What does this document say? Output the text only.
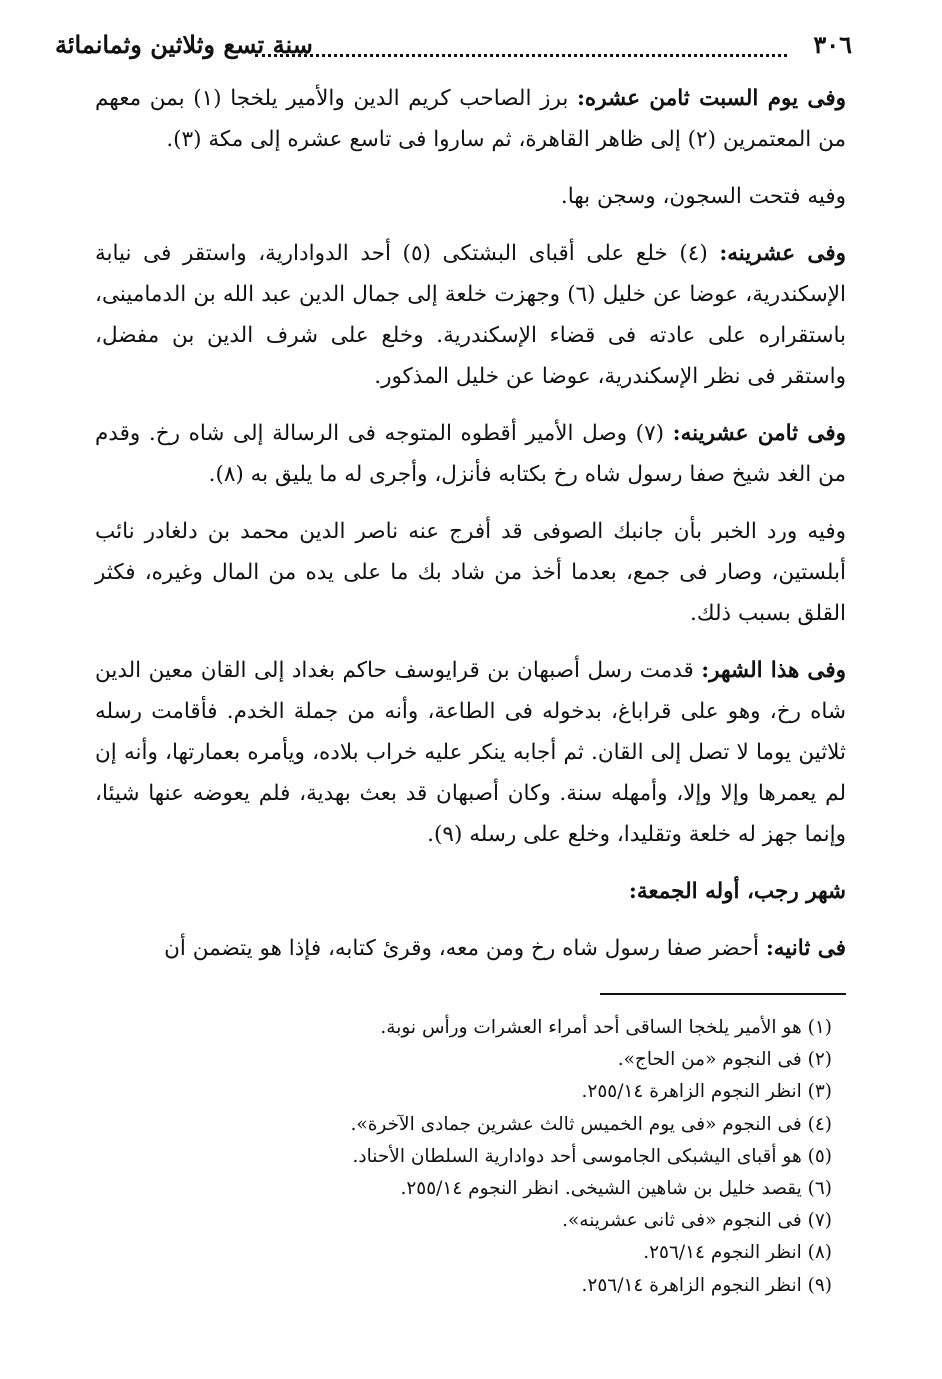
٣٠٦
سنة تسع وثلاثين وثمانمائة

وفى يوم السبت ثامن عشره: برز الصاحب كريم الدين والأمير يلخجا (١) بمن معهم من المعتمرين (٢) إلى ظاهر القاهرة، ثم ساروا فى تاسع عشره إلى مكة (٣).

وفيه فتحت السجون، وسجن بها.

وفى عشرينه: (٤) خلع على أقباى البشتكى (٥) أحد الدوادارية، واستقر فى نيابة الإسكندرية، عوضا عن خليل (٦) وجهزت خلعة إلى جمال الدين عبد الله بن الدمامينى، باستقراره على عادته فى قضاء الإسكندرية. وخلع على شرف الدين بن مفضل، واستقر فى نظر الإسكندرية، عوضا عن خليل المذكور.

وفى ثامن عشرينه: (٧) وصل الأمير أقطوه المتوجه فى الرسالة إلى شاه رخ. وقدم من الغد شيخ صفا رسول شاه رخ بكتابه فأنزل، وأجرى له ما يليق به (٨).

وفيه ورد الخبر بأن جانبك الصوفى قد أفرج عنه ناصر الدين محمد بن دلغادر نائب أبلستين، وصار فى جمع، بعدما أخذ من شاد بك ما على يده من المال وغيره، فكثر القلق بسبب ذلك.

وفى هذا الشهر: قدمت رسل أصبهان بن قرايوسف حاكم بغداد إلى القان معين الدين شاه رخ، وهو على قراباغ، بدخوله فى الطاعة، وأنه من جملة الخدم. فأقامت رسله ثلاثين يوما لا تصل إلى القان. ثم أجابه ينكر عليه خراب بلاده، ويأمره بعمارتها، وأنه إن لم يعمرها وإلا وإلا، وأمهله سنة. وكان أصبهان قد بعث بهدية، فلم يعوضه عنها شيئا، وإنما جهز له خلعة وتقليدا، وخلع على رسله (٩).

شهر رجب، أوله الجمعة:

فى ثانيه: أحضر صفا رسول شاه رخ ومن معه، وقرئ كتابه، فإذا هو يتضمن أن

(١) هو الأمير يلخجا الساقى أحد أمراء العشرات ورأس نوبة.
(٢) فى النجوم «من الحاج».
(٣) انظر النجوم الزاهرة ٢٥٥/١٤.
(٤) فى النجوم «فى يوم الخميس ثالث عشرين جمادى الآخرة».
(٥) هو أقباى اليشبكى الجاموسى أحد دوادارية السلطان الأحناد.
(٦) يقصد خليل بن شاهين الشيخى. انظر النجوم ٢٥٥/١٤.
(٧) فى النجوم «فى ثانى عشرينه».
(٨) انظر النجوم ٢٥٦/١٤.
(٩) انظر النجوم الزاهرة ٢٥٦/١٤.
